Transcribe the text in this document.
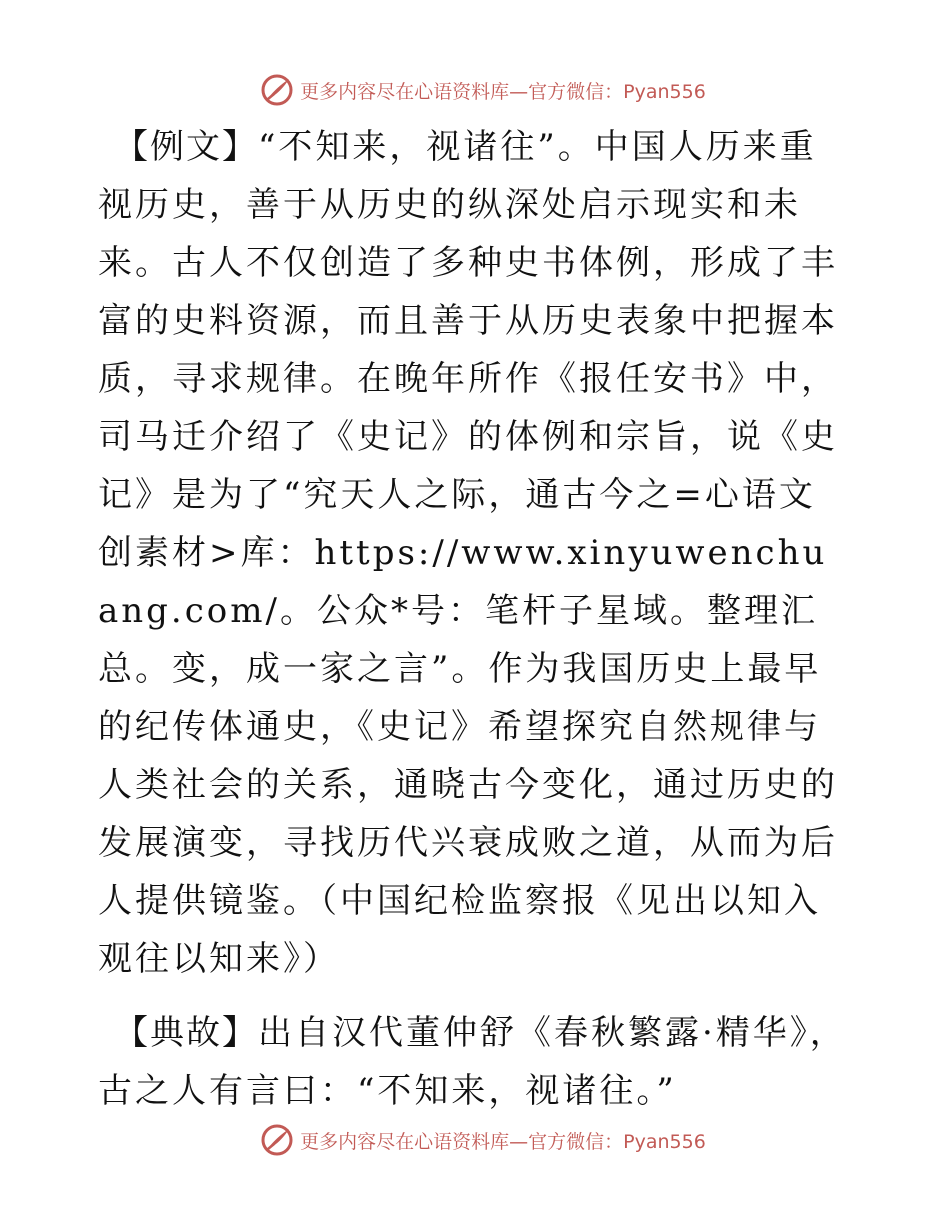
更多内容尽在心语资料库—官方微信：Pyan556

【例文】“不知来，视诸往”。中国人历来重视历史，善于从历史的纵深处启示现实和未来。古人不仅创造了多种史书体例，形成了丰富的史料资源，而且善于从历史表象中把握本质，寻求规律。在晚年所作《报任安书》中，司马迁介绍了《史记》的体例和宗旨，说《史记》是为了“究天人之际，通古今之=心语文创素材>库：https://www.xinyuwenchuang.com/。公众*号：笔杆子星域。整理汇总。变，成一家之言”。作为我国历史上最早的纪传体通史，《史记》希望探究自然规律与人类社会的关系，通晓古今变化，通过历史的发展演变，寻找历代兴衰成败之道，从而为后人提供镜鉴。（中国纪检监察报《见出以知入 观往以知来》）

【典故】出自汉代董仲舒《春秋繁露·精华》，古之人有言曰：“不知来，视诸往。”

更多内容尽在心语资料库—官方微信：Pyan556
